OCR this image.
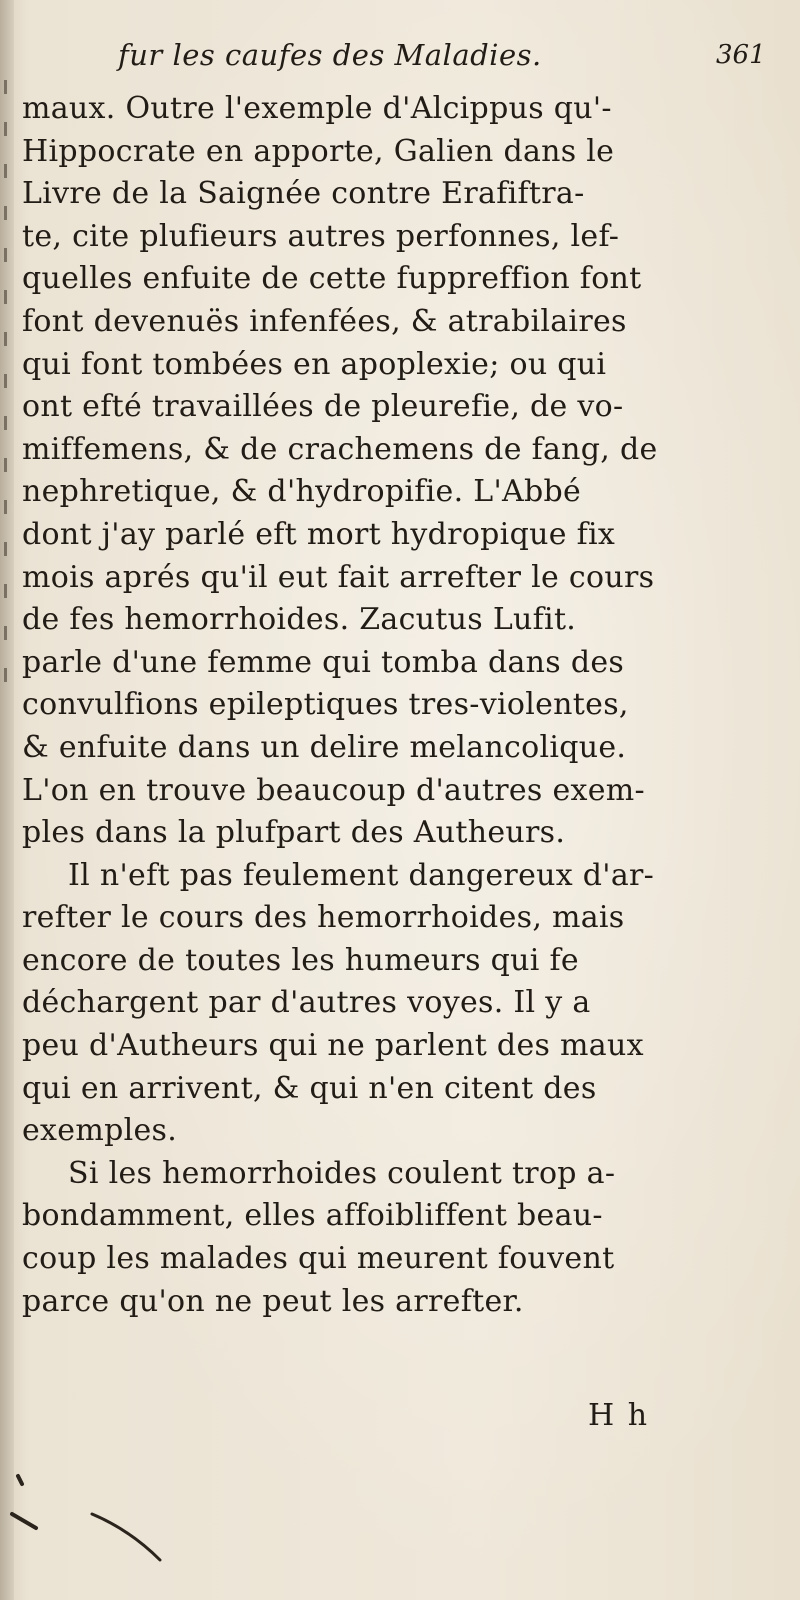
fur les caufes des Maladies.	361
maux. Outre l'exemple d'Alcippus qu'-
Hippocrate en apporte, Galien dans le
Livre de la Saignée contre Erafiftra-
te, cite plufieurs autres perfonnes, lef-
quelles enfuite de cette fuppreffion font
font devenuës infenfées, & atrabilaires
qui font tombées en apoplexie; ou qui
ont efté travaillées de pleurefie, de vo-
miffemens, & de crachemens de fang, de
nephretique, & d'hydropifie. L'Abbé
dont j'ay parlé eft mort hydropique fix
mois aprés qu'il eut fait arrefter le cours
de fes hemorrhoides. Zacutus Lufit.
parle d'une femme qui tomba dans des
convulfions epileptiques tres-violentes,
& enfuite dans un delire melancolique.
L'on en trouve beaucoup d'autres exem-
ples dans la plufpart des Autheurs.
Il n'eft pas feulement dangereux d'ar-
refter le cours des hemorrhoides, mais
encore de toutes les humeurs qui fe
déchargent par d'autres voyes. Il y a
peu d'Autheurs qui ne parlent des maux
qui en arrivent, & qui n'en citent des
exemples.
Si les hemorrhoides coulent trop a-
bondamment, elles affoibliffent beau-
coup les malades qui meurent fouvent
parce qu'on ne peut les arrefter.
H h
